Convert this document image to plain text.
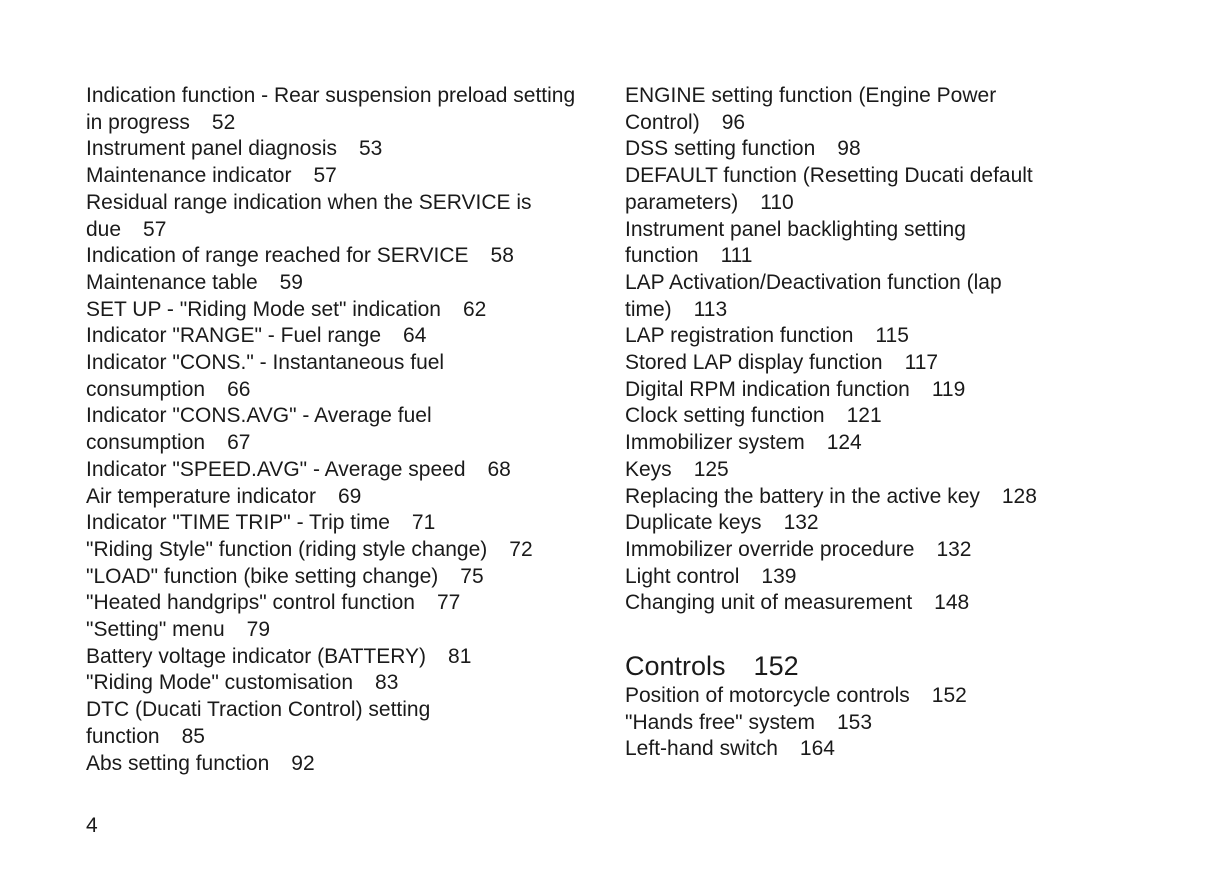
Indication function - Rear suspension preload setting
in progress 52
Instrument panel diagnosis 53
Maintenance indicator 57
Residual range indication when the SERVICE is
due 57
Indication of range reached for SERVICE 58
Maintenance table 59
SET UP - "Riding Mode set" indication 62
Indicator "RANGE" - Fuel range 64
Indicator "CONS." - Instantaneous fuel
consumption 66
Indicator "CONS.AVG" - Average fuel
consumption 67
Indicator "SPEED.AVG" - Average speed 68
Air temperature indicator 69
Indicator "TIME TRIP" - Trip time 71
"Riding Style" function (riding style change) 72
"LOAD" function (bike setting change) 75
"Heated handgrips" control function 77
"Setting" menu 79
Battery voltage indicator (BATTERY) 81
"Riding Mode" customisation 83
DTC (Ducati Traction Control) setting
function 85
Abs setting function 92
ENGINE setting function (Engine Power
Control) 96
DSS setting function 98
DEFAULT function (Resetting Ducati default
parameters) 110
Instrument panel backlighting setting
function 111
LAP Activation/Deactivation function (lap
time) 113
LAP registration function 115
Stored LAP display function 117
Digital RPM indication function 119
Clock setting function 121
Immobilizer system 124
Keys 125
Replacing the battery in the active key 128
Duplicate keys 132
Immobilizer override procedure 132
Light control 139
Changing unit of measurement 148
Controls 152
Position of motorcycle controls 152
"Hands free" system 153
Left-hand switch 164
4
